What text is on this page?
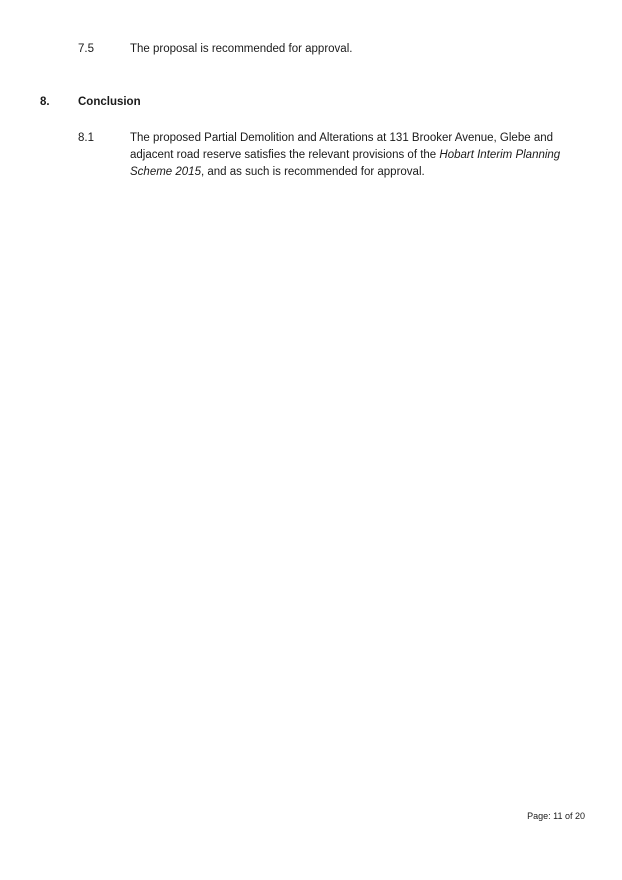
7.5	The proposal is recommended for approval.
8.	Conclusion
8.1	The proposed Partial Demolition and Alterations at 131 Brooker Avenue, Glebe and adjacent road reserve satisfies the relevant provisions of the Hobart Interim Planning Scheme 2015, and as such is recommended for approval.
Page: 11 of 20
